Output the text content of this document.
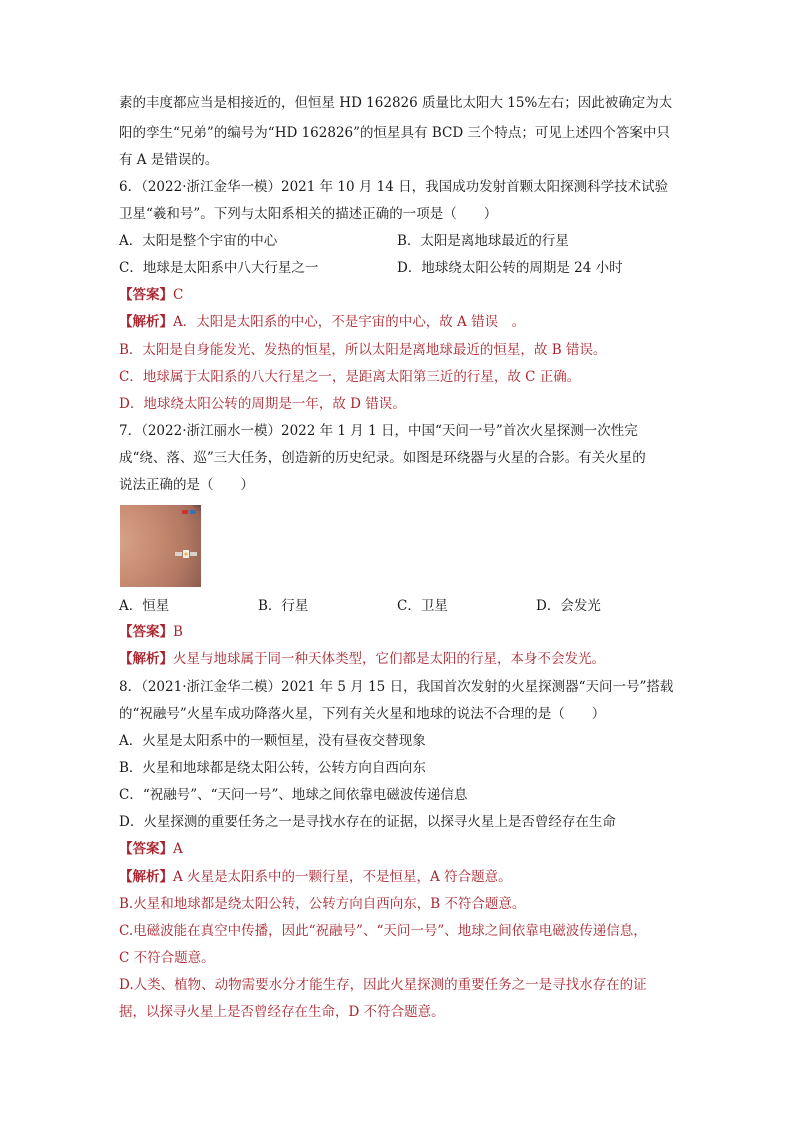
素的丰度都应当是相接近的，但恒星 HD 162826 质量比太阳大 15%左右；因此被确定为太
阳的孪生“兄弟”的编号为“HD 162826”的恒星具有 BCD 三个特点；可见上述四个答案中只
有 A 是错误的。
6．（2022·浙江金华一模）2021 年 10 月 14 日，我国成功发射首颗太阳探测科学技术试验
卫星“羲和号”。下列与太阳系相关的描述正确的一项是（　　）
A．太阳是整个宇宙的中心	B．太阳是离地球最近的行星
C．地球是太阳系中八大行星之一	D．地球绕太阳公转的周期是 24 小时
【答案】C
【解析】A．太阳是太阳系的中心，不是宇宙的中心，故 A 错误　。
B．太阳是自身能发光、发热的恒星，所以太阳是离地球最近的恒星，故 B 错误。
C．地球属于太阳系的八大行星之一，是距离太阳第三近的行星，故 C 正确。
D．地球绕太阳公转的周期是一年，故 D 错误。
7．（2022·浙江丽水一模）2022 年 1 月 1 日，中国“天问一号”首次火星探测一次性完
成“绕、落、巡”三大任务，创造新的历史纪录。如图是环绕器与火星的合影。有关火星的
说法正确的是（　　）
A．恒星	B．行星	C．卫星	D．会发光
【答案】B
【解析】火星与地球属于同一种天体类型，它们都是太阳的行星，本身不会发光。
8．（2021·浙江金华二模）2021 年 5 月 15 日，我国首次发射的火星探测器“天问一号”搭载
的“祝融号”火星车成功降落火星，下列有关火星和地球的说法不合理的是（　　）
A．火星是太阳系中的一颗恒星，没有昼夜交替现象
B．火星和地球都是绕太阳公转，公转方向自西向东
C．“祝融号”、“天问一号”、地球之间依靠电磁波传递信息
D．火星探测的重要任务之一是寻找水存在的证据，以探寻火星上是否曾经存在生命
【答案】A
【解析】A 火星是太阳系中的一颗行星，不是恒星，A 符合题意。
B.火星和地球都是绕太阳公转，公转方向自西向东，B 不符合题意。
C.电磁波能在真空中传播，因此“祝融号”、“天问一号”、地球之间依靠电磁波传递信息，
C 不符合题意。
D.人类、植物、动物需要水分才能生存，因此火星探测的重要任务之一是寻找水存在的证
据，以探寻火星上是否曾经存在生命，D 不符合题意。
